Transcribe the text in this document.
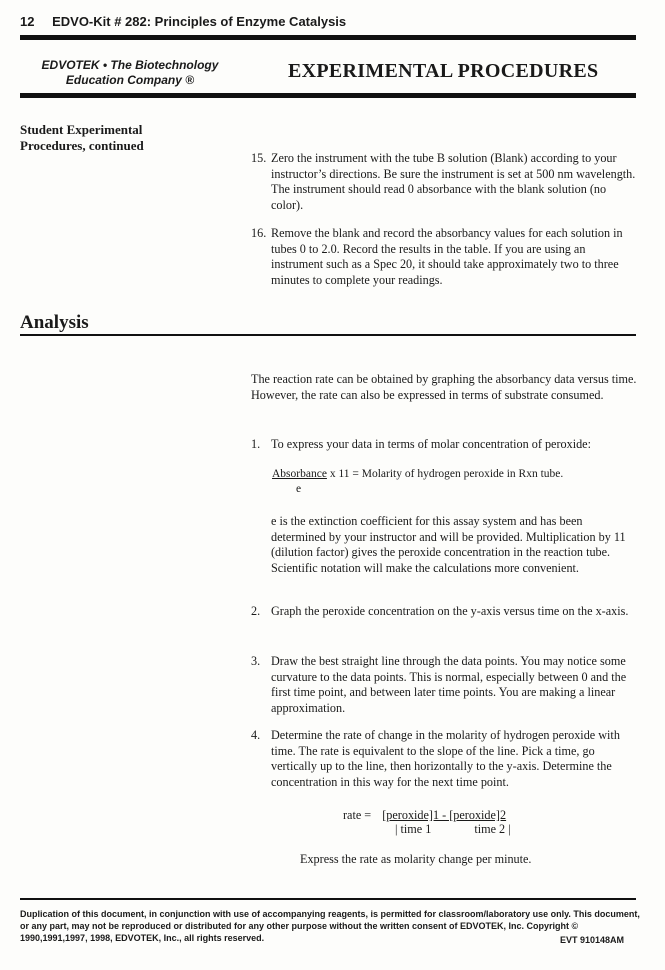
12 EDVO-Kit # 282: Principles of Enzyme Catalysis
EDVOTEK • The Biotechnology
Education Company ®	EXPERIMENTAL PROCEDURES
Student Experimental
Procedures, continued
15. Zero the instrument with the tube B solution (Blank) according to your instructor’s directions. Be sure the instrument is set at 500 nm wavelength. The instrument should read 0 absorbance with the blank solution (no color).
16. Remove the blank and record the absorbancy values for each solution in tubes 0 to 2.0. Record the results in the table. If you are using an instrument such as a Spec 20, it should take approximately two to three minutes to complete your readings.
Analysis
The reaction rate can be obtained by graphing the absorbancy data versus time. However, the rate can also be expressed in terms of substrate consumed.
1. To express your data in terms of molar concentration of peroxide:
Absorbance x 11 = Molarity of hydrogen peroxide in Rxn tube.
e
e is the extinction coefficient for this assay system and has been determined by your instructor and will be provided. Multiplication by 11 (dilution factor) gives the peroxide concentration in the reaction tube. Scientific notation will make the calculations more convenient.
2. Graph the peroxide concentration on the y-axis versus time on the x-axis.
3. Draw the best straight line through the data points. You may notice some curvature to the data points. This is normal, especially between 0 and the first time point, and between later time points. You are making a linear approximation.
4. Determine the rate of change in the molarity of hydrogen peroxide with time. The rate is equivalent to the slope of the line. Pick a time, go vertically up to the line, then horizontally to the y-axis. Determine the concentration in this way for the next time point.
rate = [peroxide]1 - [peroxide]2
| time 1	time 2 |
Express the rate as molarity change per minute.
Duplication of this document, in conjunction with use of accompanying reagents, is permitted for classroom/laboratory use only. This document, or any part, may not be reproduced or distributed for any other purpose without the written consent of EDVOTEK, Inc. Copyright © 1990,1991,1997, 1998, EDVOTEK, Inc., all rights reserved.	EVT 910148AM
